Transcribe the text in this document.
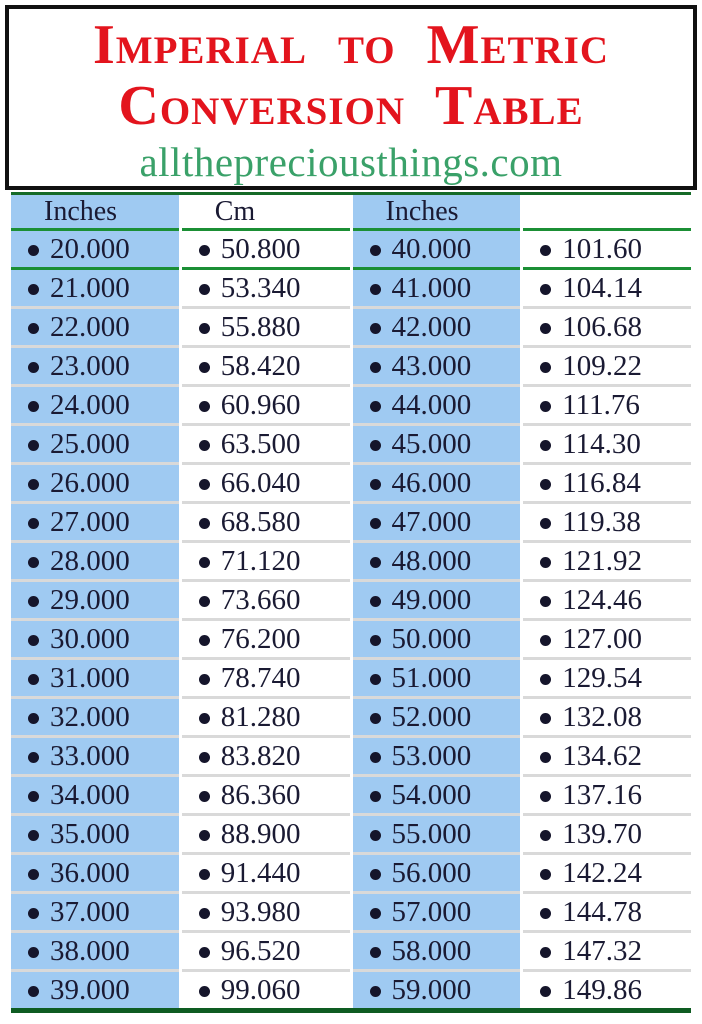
Imperial to Metric
Conversion Table
allthepreciousthings.com
Inches	Cm	Inches
20.000	50.800	40.000	101.60
21.000	53.340	41.000	104.14
22.000	55.880	42.000	106.68
23.000	58.420	43.000	109.22
24.000	60.960	44.000	111.76
25.000	63.500	45.000	114.30
26.000	66.040	46.000	116.84
27.000	68.580	47.000	119.38
28.000	71.120	48.000	121.92
29.000	73.660	49.000	124.46
30.000	76.200	50.000	127.00
31.000	78.740	51.000	129.54
32.000	81.280	52.000	132.08
33.000	83.820	53.000	134.62
34.000	86.360	54.000	137.16
35.000	88.900	55.000	139.70
36.000	91.440	56.000	142.24
37.000	93.980	57.000	144.78
38.000	96.520	58.000	147.32
39.000	99.060	59.000	149.86
